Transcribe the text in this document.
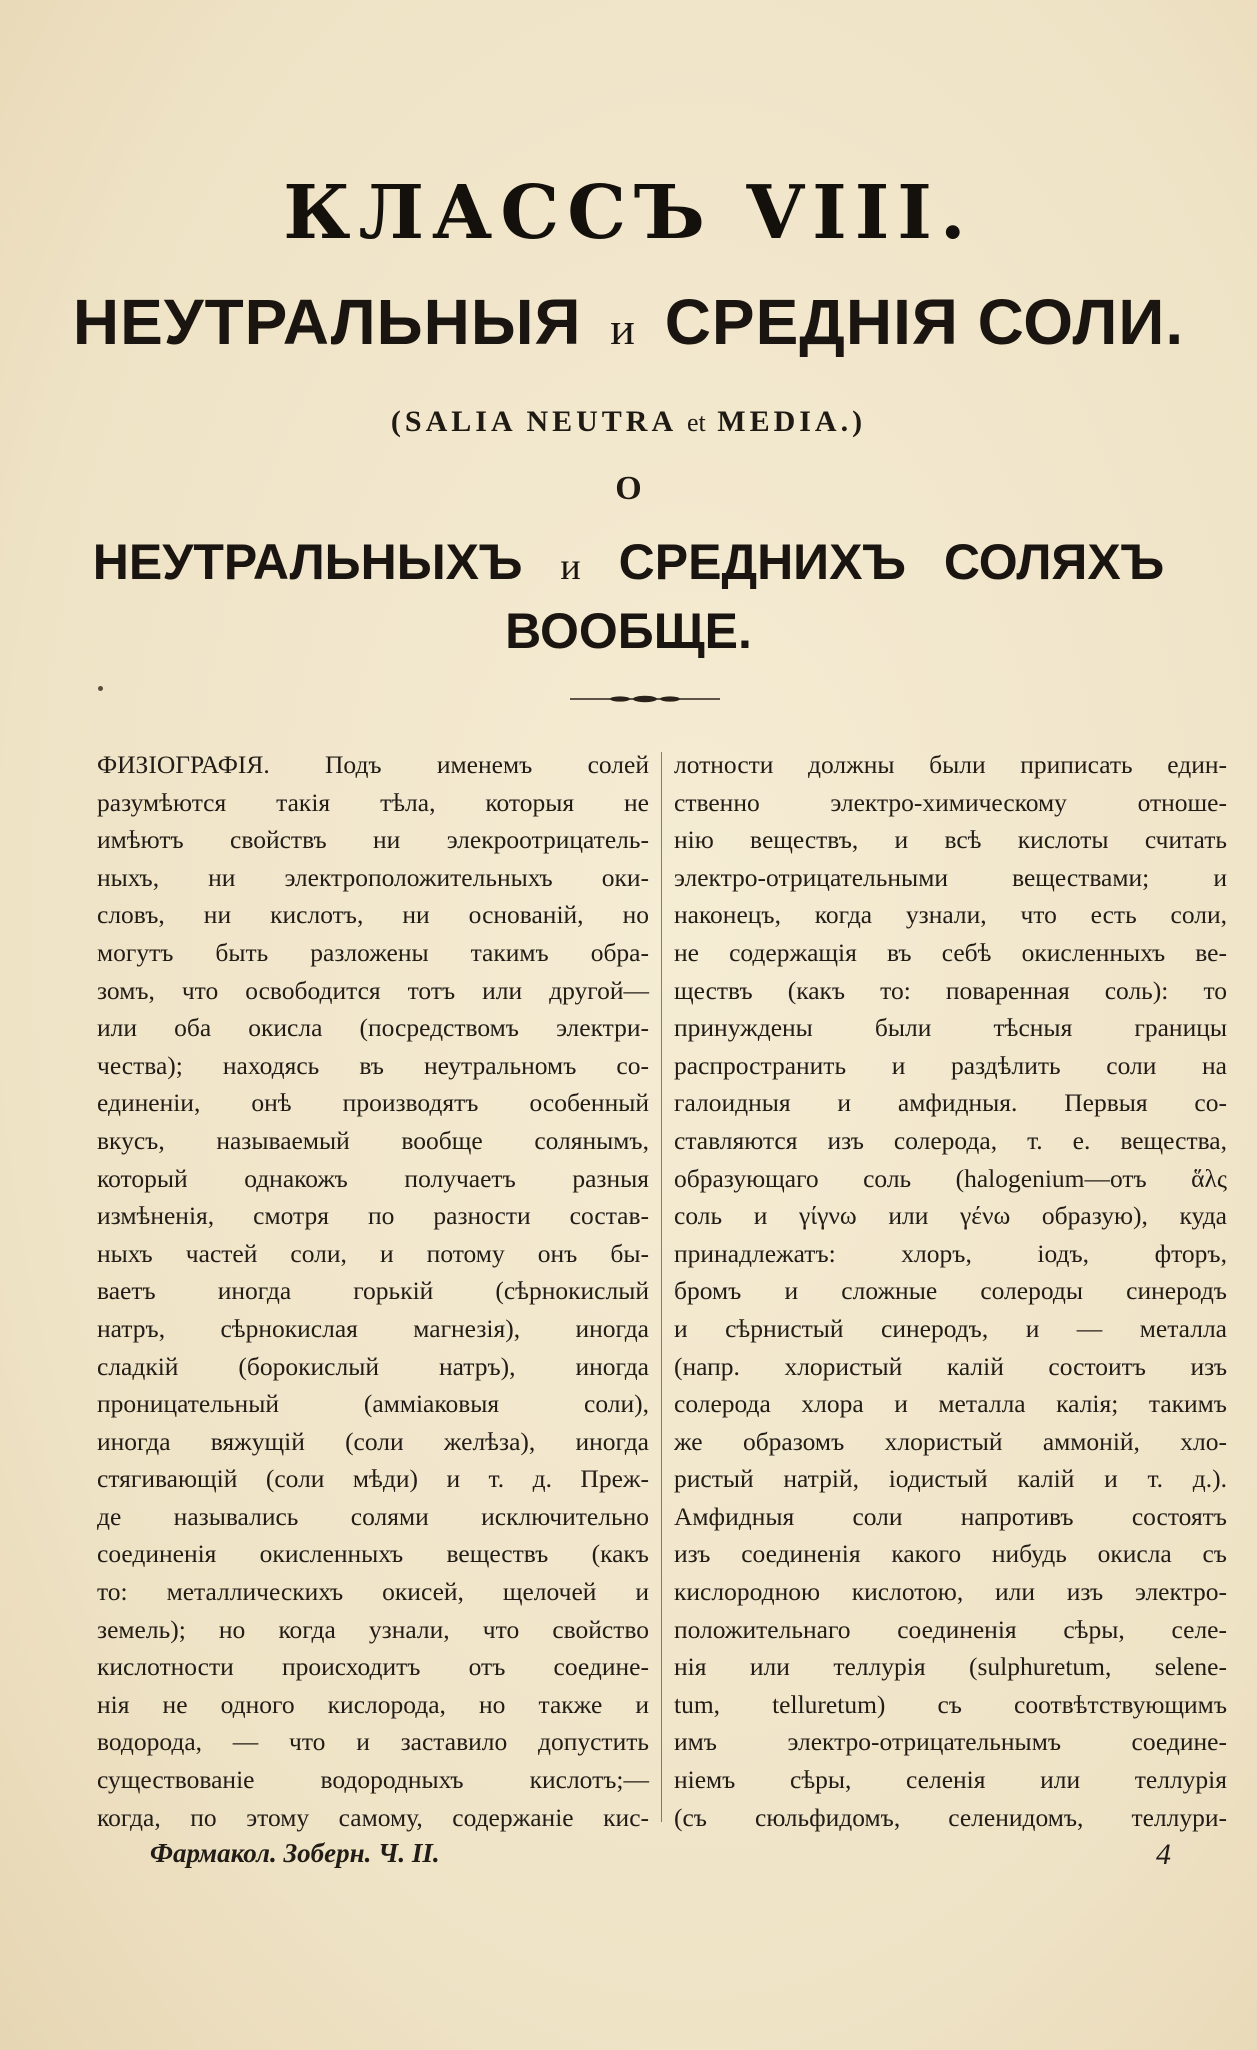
КЛАССЪ VIII.
НЕУТРАЛЬНЫЯ и СРЕДНІЯ СОЛИ.
(SALIA NEUTRA et MEDIA.)
О
НЕУТРАЛЬНЫХЪ и СРЕДНИХЪ СОЛЯХЪ
ВООБЩЕ.
ФИЗІОГРАФІЯ. Подъ именемъ солей
разумѣются такія тѣла, которыя не
имѣютъ свойствъ ни элекроотрицатель-
ныхъ, ни электроположительныхъ оки-
словъ, ни кислотъ, ни основаній, но
могутъ быть разложены такимъ обра-
зомъ, что освободится тотъ или другой—
или оба окисла (посредствомъ электри-
чества); находясь въ неутральномъ со-
единеніи, онѣ производятъ особенный
вкусъ, называемый вообще солянымъ,
который однакожъ получаетъ разныя
измѣненія, смотря по разности состав-
ныхъ частей соли, и потому онъ бы-
ваетъ иногда горькій (сѣрнокислый
натръ, сѣрнокислая магнезія), иногда
сладкій (борокислый натръ), иногда
проницательный (амміаковыя соли),
иногда вяжущій (соли желѣза), иногда
стягивающій (соли мѣди) и т. д. Преж-
де назывались солями исключительно
соединенія окисленныхъ веществъ (какъ
то: металлическихъ окисей, щелочей и
земель); но когда узнали, что свойство
кислотности происходитъ отъ соедине-
нія не одного кислорода, но также и
водорода, — что и заставило допустить
существованіе водородныхъ кислотъ;—
когда, по этому самому, содержаніе кис-
лотности должны были приписать един-
ственно электро-химическому отноше-
нію веществъ, и всѣ кислоты считать
электро-отрицательными веществами; и
наконецъ, когда узнали, что есть соли,
не содержащія въ себѣ окисленныхъ ве-
ществъ (какъ то: поваренная соль): то
принуждены были тѣсныя границы
распространить и раздѣлить соли на
галоидныя и амфидныя. Первыя со-
ставляются изъ солерода, т. е. вещества,
образующаго соль (halogenium—отъ ἅλς
соль и γίγνω или γένω образую), куда
принадлежатъ: хлоръ, іодъ, фторъ,
бромъ и сложные солероды синеродъ
и сѣрнистый синеродъ, и — металла
(напр. хлористый калій состоитъ изъ
солерода хлора и металла калія; такимъ
же образомъ хлористый аммоній, хло-
ристый натрій, іодистый калій и т. д.).
Амфидныя соли напротивъ состоятъ
изъ соединенія какого нибудь окисла съ
кислородною кислотою, или изъ электро-
положительнаго соединенія сѣры, селе-
нія или теллурія (sulphuretum, selene-
tum, telluretum) съ соотвѣтствующимъ
имъ электро-отрицательнымъ соедине-
ніемъ сѣры, селенія или теллурія
(съ сюльфидомъ, селенидомъ, теллури-
Фармакол. Зоберн. Ч. II.	4
